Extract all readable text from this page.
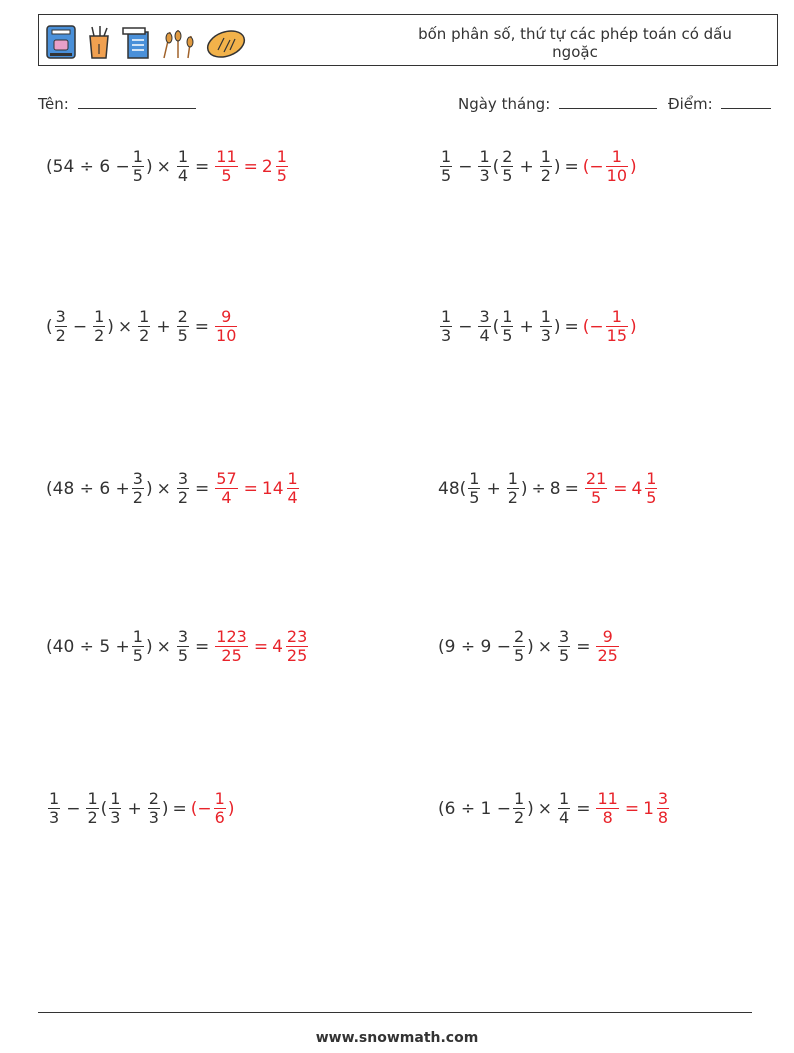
bốn phân số, thứ tự các phép toán có dấu ngoặc
Tên:	Ngày tháng:	Điểm:
($54 \div 6 - \frac{1}{5}$ ) × $\frac{1}{4} = \frac{11}{5} = 2 \frac{1}{5}$	$\frac{1}{5} - \frac{1}{3}$ ( $\frac{2}{5} + \frac{1}{2}$ ) = (− $\frac{1}{10}$ )
( $\frac{3}{2} - \frac{1}{2}$ ) × $\frac{1}{2} + \frac{2}{5} = \frac{9}{10}$	$\frac{1}{3} - \frac{3}{4}$ ( $\frac{1}{5} + \frac{1}{3}$ ) = (− $\frac{1}{15}$ )
($48 \div 6 + \frac{3}{2}$ ) × $\frac{3}{2} = \frac{57}{4} = 14 \frac{1}{4}$	$48( \frac{1}{5} + \frac{1}{2}$ ) ÷ $8 = \frac{21}{5} = 4 \frac{1}{5}$
($40 \div 5 + \frac{1}{5}$ ) × $\frac{3}{5} = \frac{123}{25} = 4 \frac{23}{25}$	($9 \div 9 - \frac{2}{5}$ ) × $\frac{3}{5} = \frac{9}{25}$
$\frac{1}{3} - \frac{1}{2}$ ( $\frac{1}{3} + \frac{2}{3}$ ) = (− $\frac{1}{6}$ )	($6 \div 1 - \frac{1}{2}$ ) × $\frac{1}{4} = \frac{11}{8} = 1 \frac{3}{8}$
www.snowmath.com
